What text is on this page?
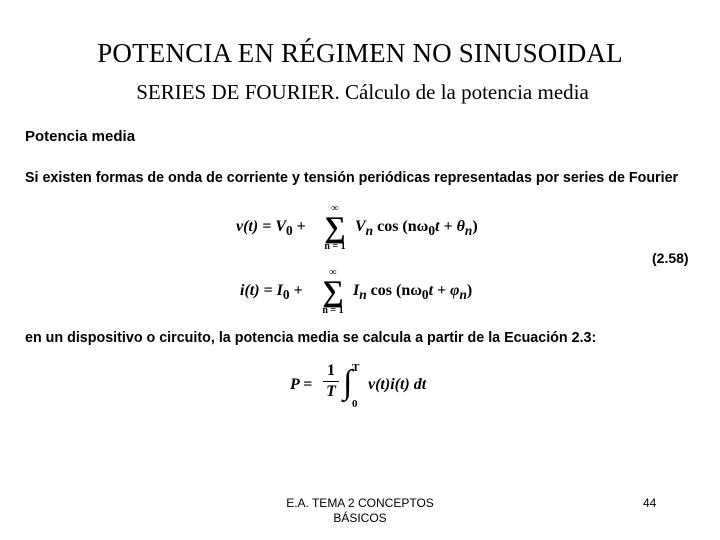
POTENCIA EN RÉGIMEN NO SINUSOIDAL
SERIES DE FOURIER. Cálculo de la potencia media
Potencia media
Si existen formas de onda de corriente y tensión periódicas representadas por series de Fourier
$v(t) = V_0$ +
∞
∑
n = 1
$V_n$ $\cos (n\omega_0t + \theta_n)$
(2.58)
$i(t) = I_0$ +
∞
∑
n = 1
$I_n$ $\cos (n\omega_0t + \varphi_n)$
en un dispositivo o circuito, la potencia media se calcula a partir de la Ecuación 2.3:
P =
1
T ∫ T
0
v(t)i(t) dt
E.A. TEMA 2 CONCEPTOS
BÁSICOS
44
